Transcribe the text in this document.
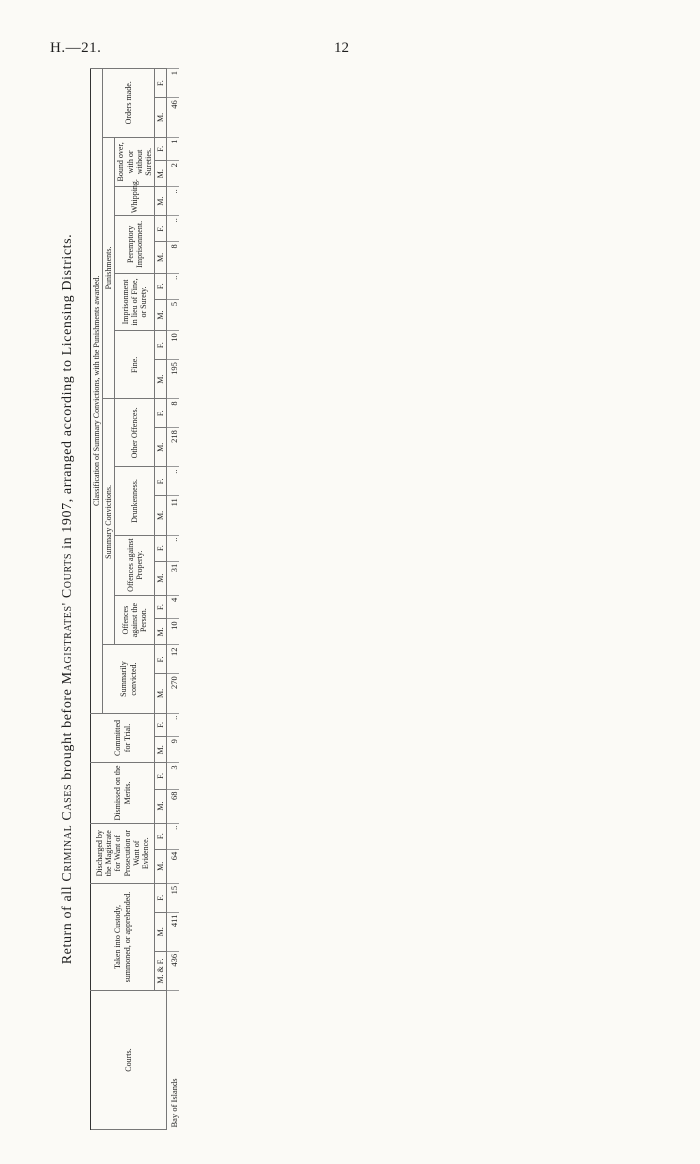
H.—21.	12
Return of all Criminal Cases brought before Magistrates' Courts in 1907, arranged according to Licensing Districts.
Courts.	Taken into Custody, summoned, or apprehended.			Discharged by the Magistrate for Want of Prosecution or Want of Evidence.		Dismissed on the Merits.		Committed for Trial.		Classification of Summary Convictions, with the Punishments awarded.																				
										Summarily convicted.		Summary Convictions.								Punishments.									Orders made.	
												Offences against the Person.		Offences against Property.		Drunkenness.		Other Offences.		Fine.		Imprisonment in lieu of Fine, or Surety.		Peremptory Imprisonment.		Whipping.	Bound over, with or without Sureties.			
	M. & F.	M.	F.	M.	F.	M.	F.	M.	F.	M.	F.	M.	F.	M.	F.	M.	F.	M.	F.	M.	F.	M.	F.	M.	F.	M.	M.	F.	M.	F.
Bay of Islands	436	411	15	64	..	68	3	9	..	270	12	10	4	31	..	11	..	218	8	195	10	5	..	8	..	..	2	1	46	1
